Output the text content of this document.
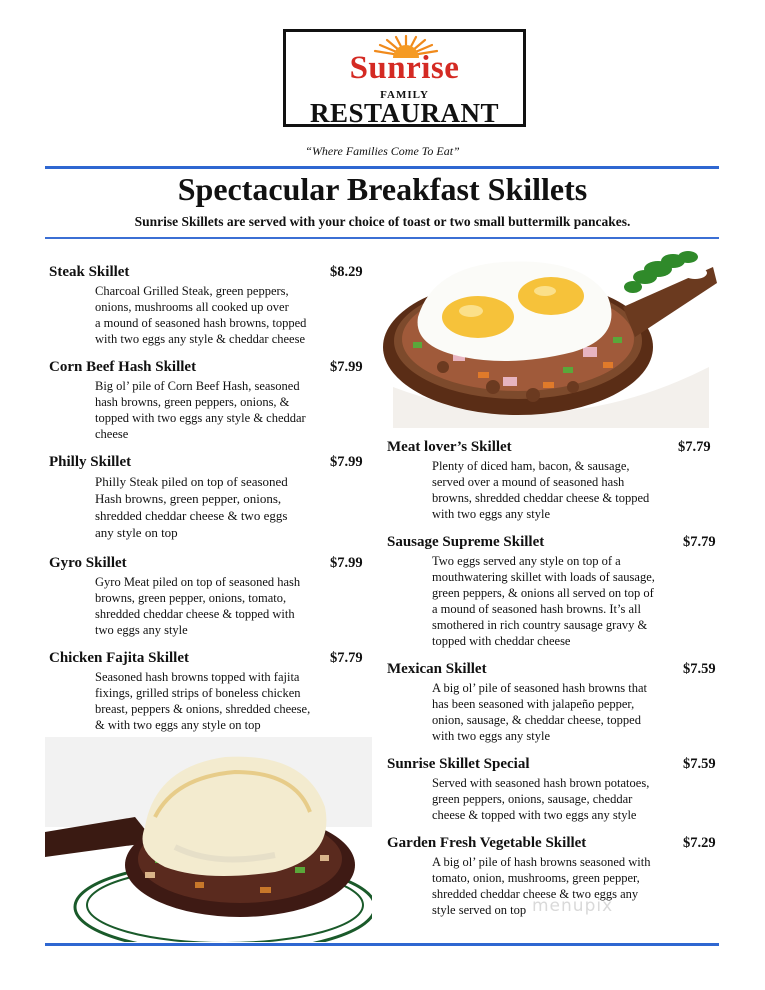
Sunrise
FAMILY
RESTAURANT
“Where Families Come To Eat”
Spectacular Breakfast Skillets
Sunrise Skillets are served with your choice of toast or two small buttermilk pancakes.
menupix
Steak Skillet	$8.29
Charcoal Grilled Steak, green peppers,
onions, mushrooms all cooked up over
a mound of seasoned hash browns, topped
with two eggs any style & cheddar cheese
Corn Beef Hash Skillet	$7.99
Big ol’ pile of Corn Beef Hash, seasoned
hash browns, green peppers, onions, &
topped with two eggs any style & cheddar
cheese
Philly Skillet	$7.99
Philly Steak piled on top of seasoned
Hash browns, green pepper, onions,
shredded cheddar cheese & two eggs
any style on top
Gyro Skillet	$7.99
Gyro Meat piled on top of seasoned hash
browns, green pepper, onions, tomato,
shredded cheddar cheese & topped with
two eggs any style
Chicken Fajita Skillet	$7.79
Seasoned hash browns topped with fajita
fixings, grilled strips of boneless chicken
breast, peppers & onions, shredded cheese,
& with two eggs any style on top
Meat lover’s Skillet	$7.79
Plenty of diced ham, bacon, & sausage,
served over a mound of seasoned hash
browns, shredded cheddar cheese & topped
with two eggs any style
Sausage Supreme Skillet	$7.79
Two eggs served any style on top of a
mouthwatering skillet with loads of sausage,
green peppers, & onions all served on top of
a mound of seasoned hash browns. It’s all
smothered in rich country sausage gravy &
topped with cheddar cheese
Mexican Skillet	$7.59
A big ol’ pile of seasoned hash browns that
has been seasoned with jalapeño pepper,
onion, sausage, & cheddar cheese, topped
with two eggs any style
Sunrise Skillet Special	$7.59
Served with seasoned hash brown potatoes,
green peppers, onions, sausage, cheddar
cheese & topped with two eggs any style
Garden Fresh Vegetable Skillet	$7.29
A big ol’ pile of hash browns seasoned with
tomato, onion, mushrooms, green pepper,
shredded cheddar cheese & two eggs any
style served on top
